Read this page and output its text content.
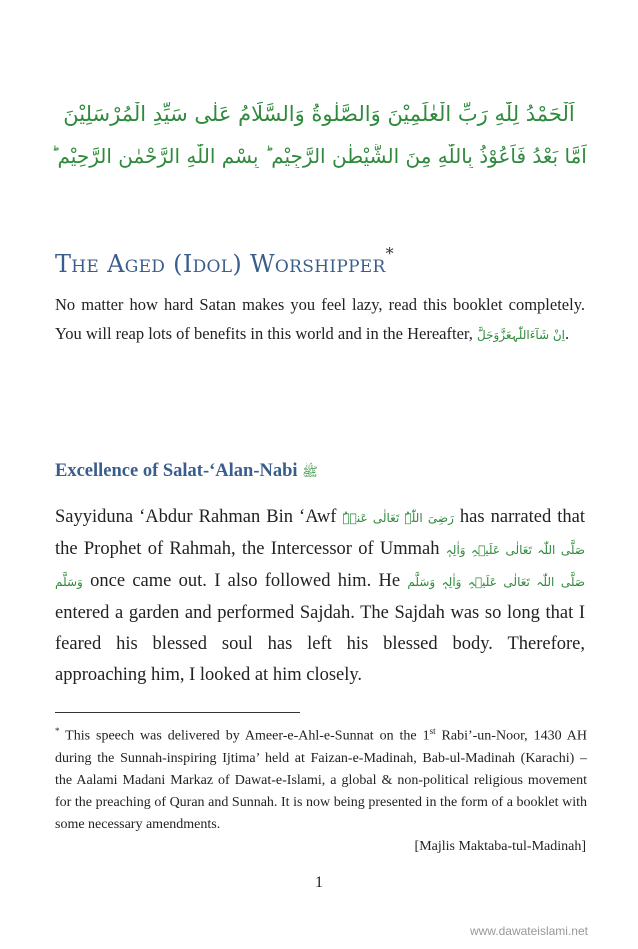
اَلْحَمْدُ لِلّٰهِ رَبِّ الْعٰلَمِيْنَ وَالصَّلٰوةُ وَالسَّلَامُ عَلٰی سَيِّدِ الْمُرْسَلِيْنَ
اَمَّا بَعْدُ فَاَعُوْذُ بِاللّٰهِ مِنَ الشَّيْطٰنِ الرَّجِيْمِ ؕ بِسْمِ اللّٰهِ الرَّحْمٰنِ الرَّحِيْمِ ؕ
The Aged (Idol) Worshipper*

No matter how hard Satan makes you feel lazy, read this booklet completely. You will reap lots of benefits in this world and in the Hereafter, اِنْ شَآءَاللّٰہعَزَّوَجَلَّ.

Excellence of Salat-‘Alan-Nabi ﷺ

Sayyiduna ‘Abdur Rahman Bin ‘Awf رَضِیَ اللّٰہُ تَعَالٰی عَنۡہُ has narrated that the Prophet of Rahmah, the Intercessor of Ummah صَلَّی اللّٰہ تَعَالٰی عَلَیۡہِ وَاٰلِہٖ وَسَلَّم once came out. I also followed him. He صَلَّی اللّٰہ تَعَالٰی عَلَیۡہِ وَاٰلِہٖ وَسَلَّم entered a garden and performed Sajdah. The Sajdah was so long that I feared his blessed soul has left his blessed body. Therefore, approaching him, I looked at him closely.

* This speech was delivered by Ameer-e-Ahl-e-Sunnat on the 1st Rabi’-un-Noor, 1430 AH during the Sunnah-inspiring Ijtima’ held at Faizan-e-Madinah, Bab-ul-Madinah (Karachi) – the Aalami Madani Markaz of Dawat-e-Islami, a global & non-political religious movement for the preaching of Quran and Sunnah. It is now being presented in the form of a booklet with some necessary amendments.

[Majlis Maktaba-tul-Madinah]
1
www.dawateislami.net
